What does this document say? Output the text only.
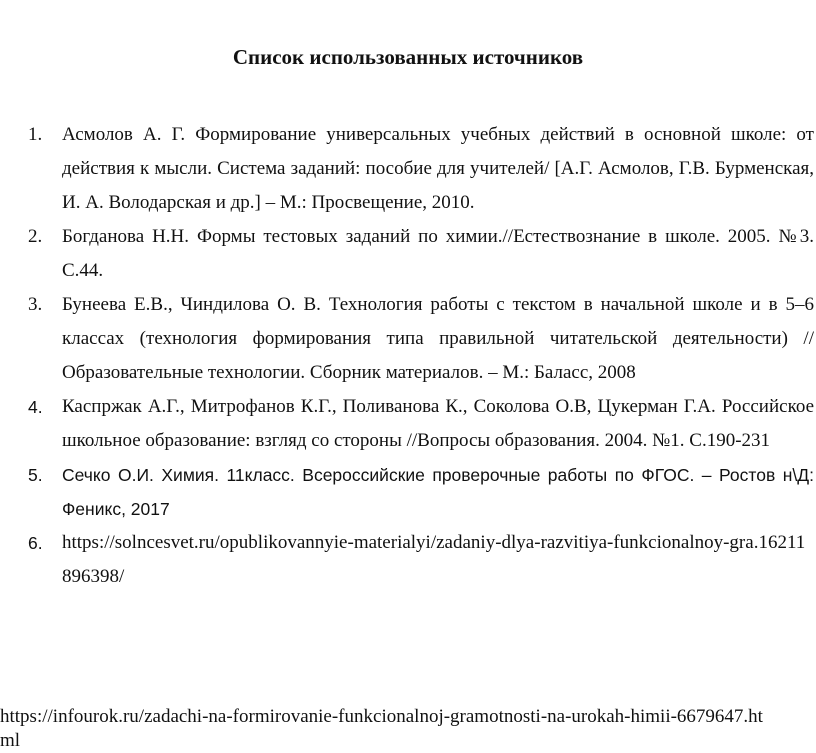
Список использованных источников
1.	Асмолов А. Г. Формирование универсальных учебных действий в основной школе: от действия к мысли. Система заданий: пособие для учителей/ [А.Г. Асмолов, Г.В. Бурменская, И. А. Володарская и др.] – М.: Просвещение, 2010.
2.	Богданова Н.Н. Формы тестовых заданий по химии.//Естествознание в школе. 2005. №3. С.44.
3.	Бунеева Е.В., Чиндилова О. В. Технология работы с текстом в начальной школе и в 5–6 классах (технология формирования типа правильной читательской деятельности) // Образовательные технологии. Сборник материалов. – М.: Баласс, 2008
4.	Каспржак А.Г., Митрофанов К.Г., Поливанова К., Соколова О.В, Цукерман Г.А. Российское школьное образование: взгляд со стороны //Вопросы образования. 2004. №1. С.190-231
5.	Сечко О.И. Химия. 11класс. Всероссийские проверочные работы по ФГОС. – Ростов н\Д: Феникс, 2017
6.	https://solncesvet.ru/opublikovannyie-materialyi/zadaniy-dlya-razvitiya-funkcionalnoy-gra.16211896398/
https://infourok.ru/zadachi-na-formirovanie-funkcionalnoj-gramotnosti-na-urokah-himii-6679647.html
